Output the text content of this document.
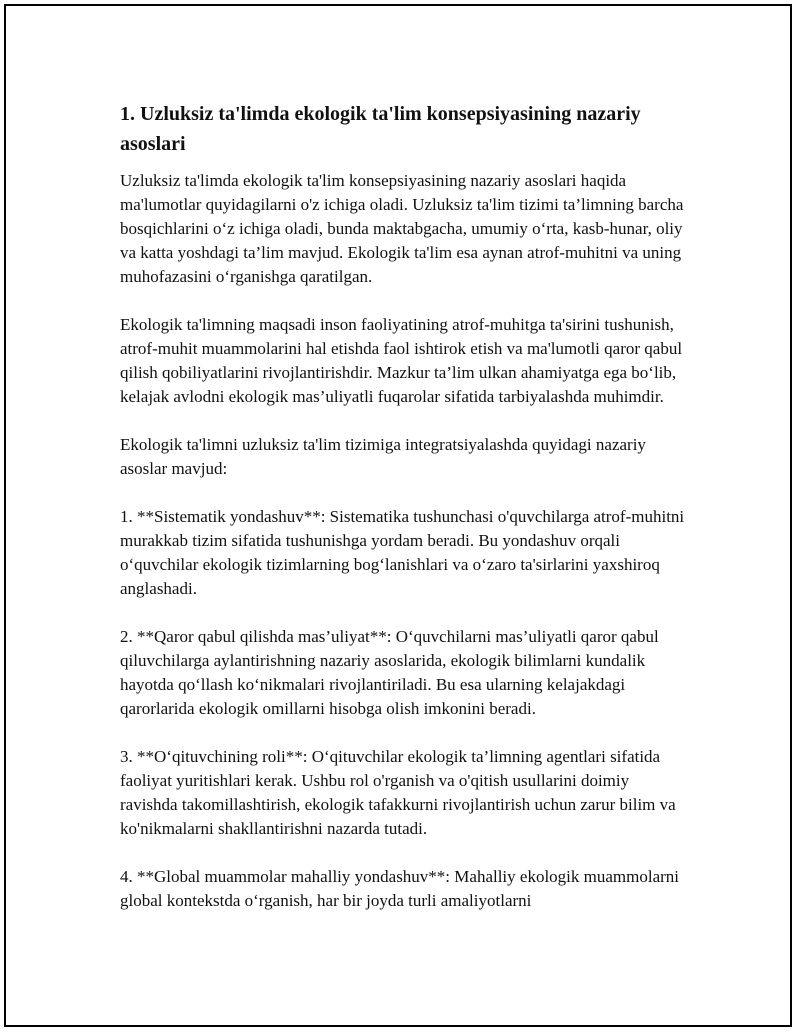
1. Uzluksiz ta'limda ekologik ta'lim konsepsiyasining nazariy asoslari

Uzluksiz ta'limda ekologik ta'lim konsepsiyasining nazariy asoslari haqida ma'lumotlar quyidagilarni o'z ichiga oladi. Uzluksiz ta'lim tizimi ta’limning barcha bosqichlarini o‘z ichiga oladi, bunda maktabgacha, umumiy o‘rta, kasb-hunar, oliy va katta yoshdagi ta’lim mavjud. Ekologik ta'lim esa aynan atrof-muhitni va uning muhofazasini o‘rganishga qaratilgan.

Ekologik ta'limning maqsadi inson faoliyatining atrof-muhitga ta'sirini tushunish, atrof-muhit muammolarini hal etishda faol ishtirok etish va ma'lumotli qaror qabul qilish qobiliyatlarini rivojlantirishdir. Mazkur ta’lim ulkan ahamiyatga ega bo‘lib, kelajak avlodni ekologik mas’uliyatli fuqarolar sifatida tarbiyalashda muhimdir.

Ekologik ta'limni uzluksiz ta'lim tizimiga integratsiyalashda quyidagi nazariy asoslar mavjud:

1. **Sistematik yondashuv**: Sistematika tushunchasi o'quvchilarga atrof-muhitni murakkab tizim sifatida tushunishga yordam beradi. Bu yondashuv orqali o‘quvchilar ekologik tizimlarning bog‘lanishlari va o‘zaro ta'sirlarini yaxshiroq anglashadi.

2. **Qaror qabul qilishda mas’uliyat**: O‘quvchilarni mas’uliyatli qaror qabul qiluvchilarga aylantirishning nazariy asoslarida, ekologik bilimlarni kundalik hayotda qo‘llash ko‘nikmalari rivojlantiriladi. Bu esa ularning kelajakdagi qarorlarida ekologik omillarni hisobga olish imkonini beradi.

3. **O‘qituvchining roli**: O‘qituvchilar ekologik ta’limning agentlari sifatida faoliyat yuritishlari kerak. Ushbu rol o'rganish va o'qitish usullarini doimiy ravishda takomillashtirish, ekologik tafakkurni rivojlantirish uchun zarur bilim va ko'nikmalarni shakllantirishni nazarda tutadi.

4. **Global muammolar mahalliy yondashuv**: Mahalliy ekologik muammolarni global kontekstda o‘rganish, har bir joyda turli amaliyotlarni
